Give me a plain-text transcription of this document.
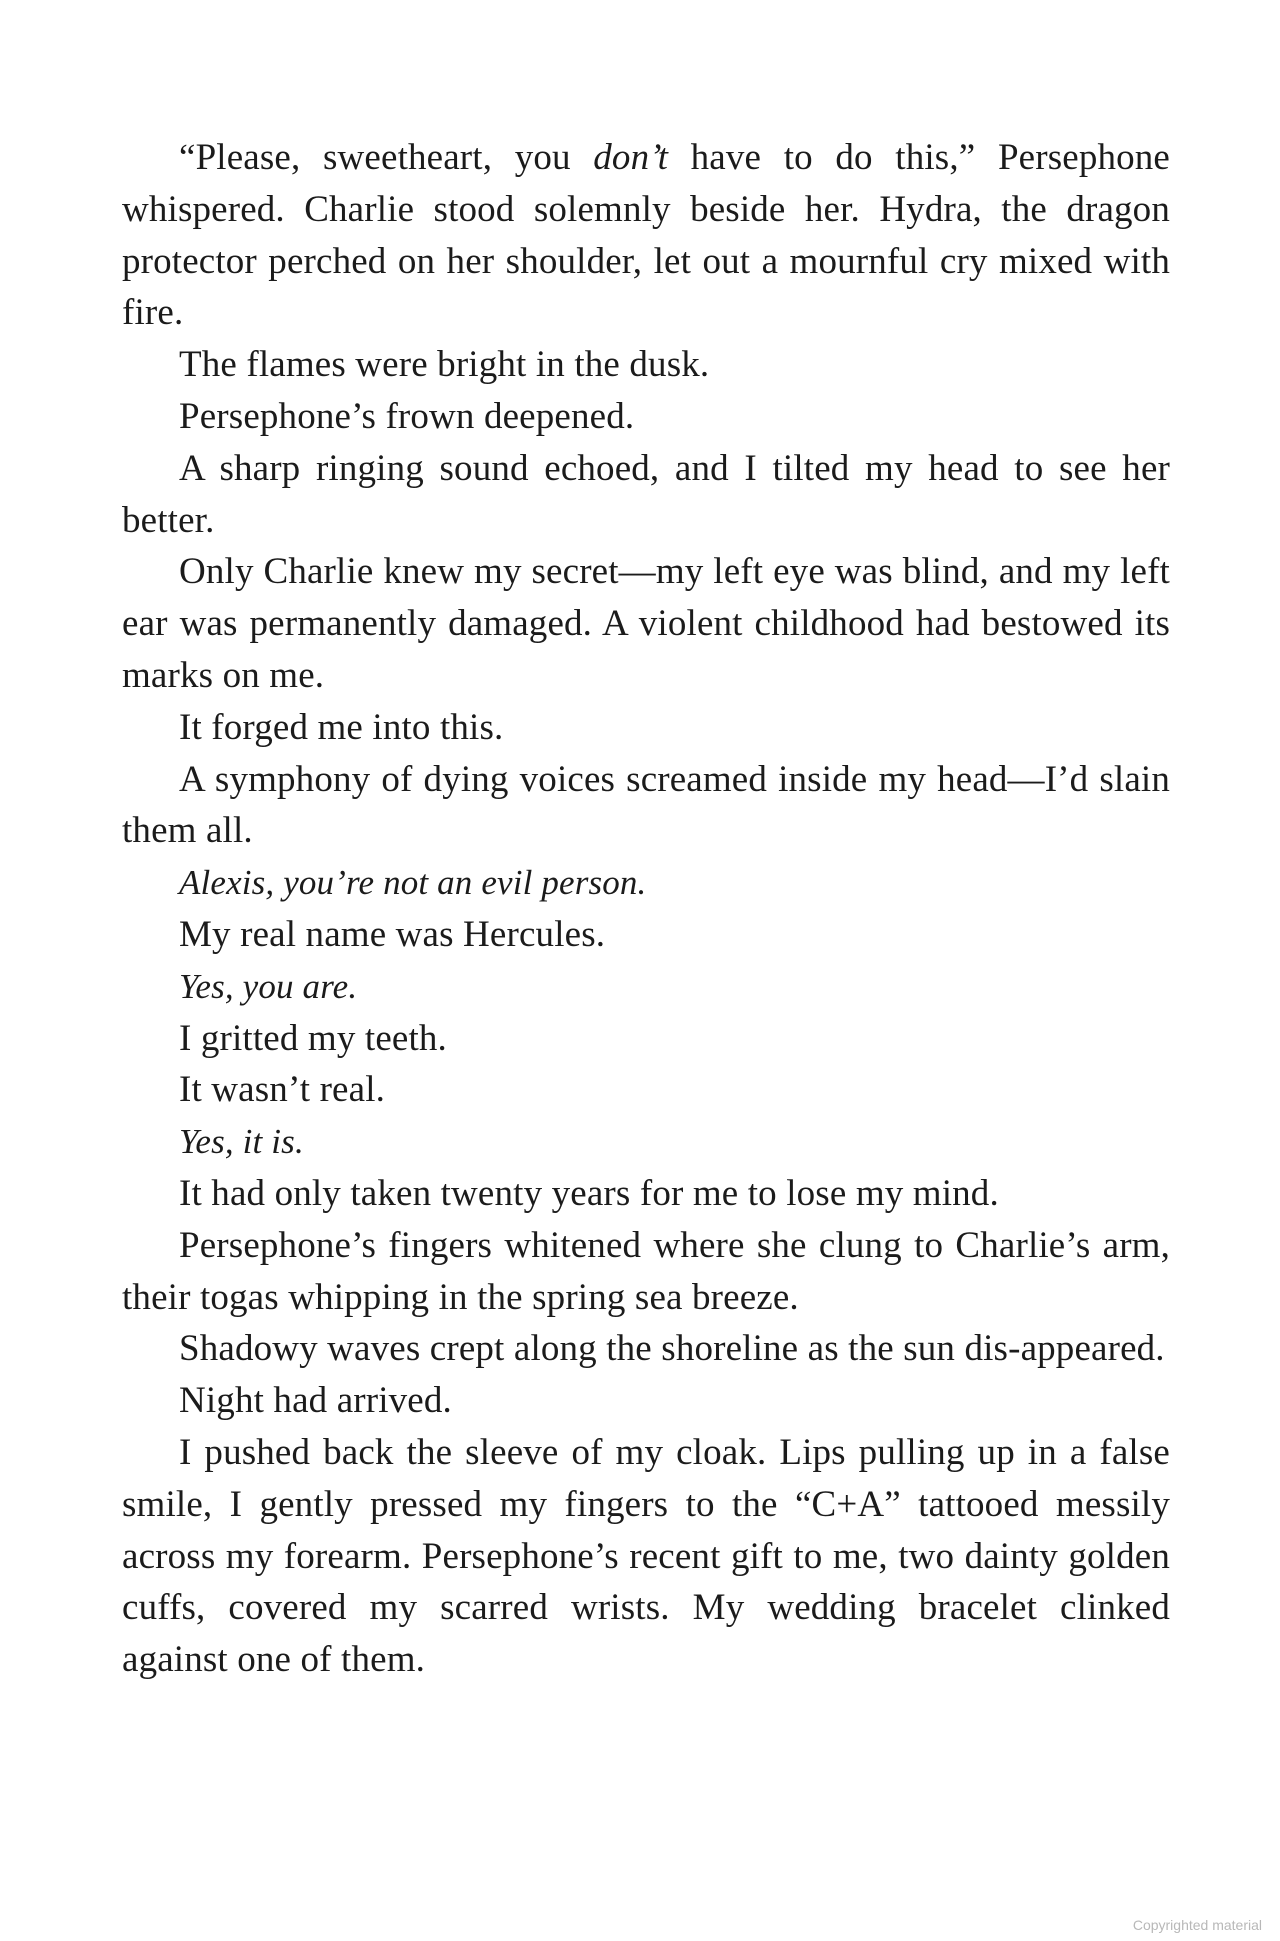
“Please, sweetheart, you don’t have to do this,” Persephone whispered. Charlie stood solemnly beside her. Hydra, the dragon protector perched on her shoulder, let out a mournful cry mixed with fire.

The flames were bright in the dusk.

Persephone’s frown deepened.

A sharp ringing sound echoed, and I tilted my head to see her better.

Only Charlie knew my secret—my left eye was blind, and my left ear was permanently damaged. A violent childhood had bestowed its marks on me.

It forged me into this.

A symphony of dying voices screamed inside my head—I’d slain them all.

Alexis, you’re not an evil person.

My real name was Hercules.

Yes, you are.

I gritted my teeth.

It wasn’t real.

Yes, it is.

It had only taken twenty years for me to lose my mind.

Persephone’s fingers whitened where she clung to Charlie’s arm, their togas whipping in the spring sea breeze.

Shadowy waves crept along the shoreline as the sun dis-appeared.

Night had arrived.

I pushed back the sleeve of my cloak. Lips pulling up in a false smile, I gently pressed my fingers to the “C+A” tattooed messily across my forearm. Persephone’s recent gift to me, two dainty golden cuffs, covered my scarred wrists. My wedding bracelet clinked against one of them.

Copyrighted material
